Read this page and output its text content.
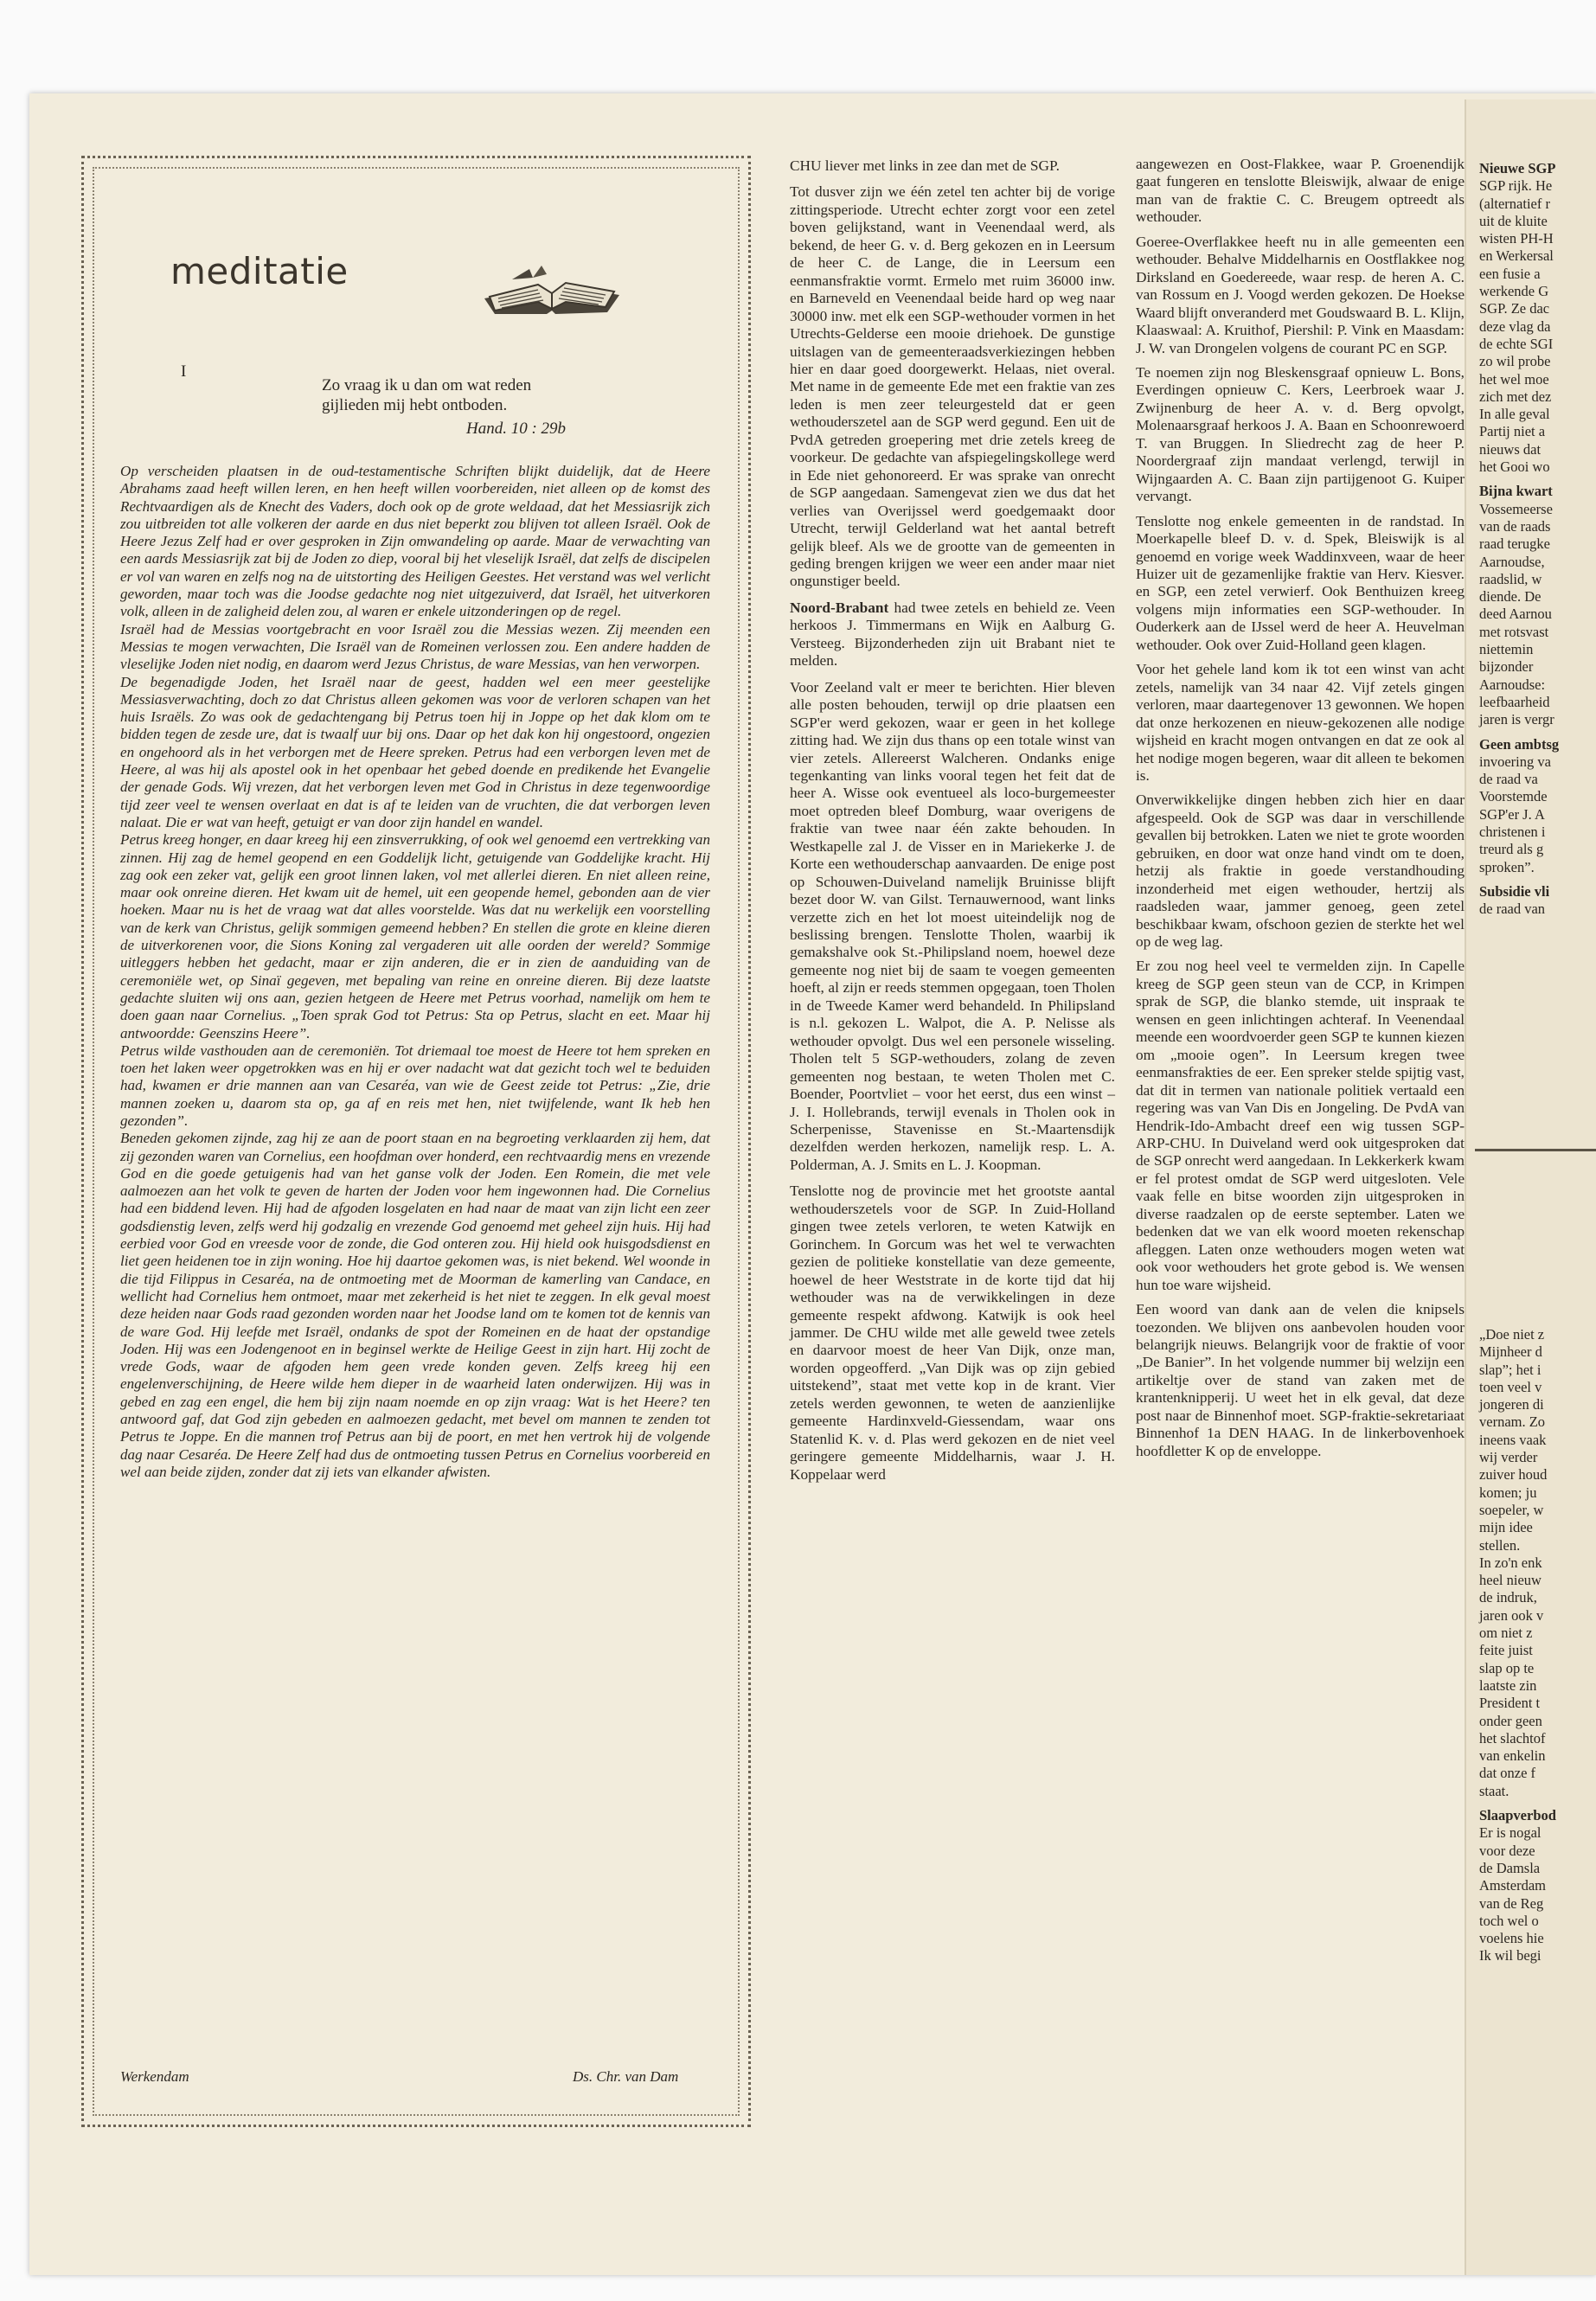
meditatie
I
Zo vraag ik u dan om wat reden gijlieden mij hebt ontboden.
Hand. 10 : 29b

Op verscheiden plaatsen in de oud-testamentische Schriften blijkt duidelijk, dat de Heere Abrahams zaad heeft willen leren, en hen heeft willen voorbereiden, niet alleen op de komst des Rechtvaardigen als de Knecht des Vaders, doch ook op de grote weldaad, dat het Messiasrijk zich zou uitbreiden tot alle volkeren der aarde en dus niet beperkt zou blijven tot alleen Israël. Ook de Heere Jezus Zelf had er over gesproken in Zijn omwandeling op aarde. Maar de verwachting van een aards Messiasrijk zat bij de Joden zo diep, vooral bij het vleselijk Israël, dat zelfs de discipelen er vol van waren en zelfs nog na de uitstorting des Heiligen Geestes. Het verstand was wel verlicht geworden, maar toch was die Joodse gedachte nog niet uitgezuiverd, dat Israël, het uitverkoren volk, alleen in de zaligheid delen zou, al waren er enkele uitzonderingen op de regel.

Israël had de Messias voortgebracht en voor Israël zou die Messias wezen. Zij meenden een Messias te mogen verwachten, Die Israël van de Romeinen verlossen zou. Een andere hadden de vleselijke Joden niet nodig, en daarom werd Jezus Christus, de ware Messias, van hen verworpen.

De begenadigde Joden, het Israël naar de geest, hadden wel een meer geestelijke Messiasverwachting, doch zo dat Christus alleen gekomen was voor de verloren schapen van het huis Israëls. Zo was ook de gedachtengang bij Petrus toen hij in Joppe op het dak klom om te bidden tegen de zesde ure, dat is twaalf uur bij ons. Daar op het dak kon hij ongestoord, ongezien en ongehoord als in het verborgen met de Heere spreken. Petrus had een verborgen leven met de Heere, al was hij als apostel ook in het openbaar het gebed doende en predikende het Evangelie der genade Gods. Wij vrezen, dat het verborgen leven met God in Christus in deze tegenwoordige tijd zeer veel te wensen overlaat en dat is af te leiden van de vruchten, die dat verborgen leven nalaat. Die er wat van heeft, getuigt er van door zijn handel en wandel.

Petrus kreeg honger, en daar kreeg hij een zinsverrukking, of ook wel genoemd een vertrekking van zinnen. Hij zag de hemel geopend en een Goddelijk licht, getuigende van Goddelijke kracht. Hij zag ook een zeker vat, gelijk een groot linnen laken, vol met allerlei dieren. En niet alleen reine, maar ook onreine dieren. Het kwam uit de hemel, uit een geopende hemel, gebonden aan de vier hoeken. Maar nu is het de vraag wat dat alles voorstelde. Was dat nu werkelijk een voorstelling van de kerk van Christus, gelijk sommigen gemeend hebben? En stellen die grote en kleine dieren de uitverkorenen voor, die Sions Koning zal vergaderen uit alle oorden der wereld? Sommige uitleggers hebben het gedacht, maar er zijn anderen, die er in zien de aanduiding van de ceremoniële wet, op Sinaï gegeven, met bepaling van reine en onreine dieren. Bij deze laatste gedachte sluiten wij ons aan, gezien hetgeen de Heere met Petrus voorhad, namelijk om hem te doen gaan naar Cornelius. „Toen sprak God tot Petrus: Sta op Petrus, slacht en eet. Maar hij antwoordde: Geenszins Heere”.

Petrus wilde vasthouden aan de ceremoniën. Tot driemaal toe moest de Heere tot hem spreken en toen het laken weer opgetrokken was en hij er over nadacht wat dat gezicht toch wel te beduiden had, kwamen er drie mannen aan van Cesaréa, van wie de Geest zeide tot Petrus: „Zie, drie mannen zoeken u, daarom sta op, ga af en reis met hen, niet twijfelende, want Ik heb hen gezonden”.

Beneden gekomen zijnde, zag hij ze aan de poort staan en na begroeting verklaarden zij hem, dat zij gezonden waren van Cornelius, een hoofdman over honderd, een rechtvaardig mens en vrezende God en die goede getuigenis had van het ganse volk der Joden. Een Romein, die met vele aalmoezen aan het volk te geven de harten der Joden voor hem ingewonnen had. Die Cornelius had een biddend leven. Hij had de afgoden losgelaten en had naar de maat van zijn licht een zeer godsdienstig leven, zelfs werd hij godzalig en vrezende God genoemd met geheel zijn huis. Hij had eerbied voor God en vreesde voor de zonde, die God onteren zou. Hij hield ook huisgodsdienst en liet geen heidenen toe in zijn woning. Hoe hij daartoe gekomen was, is niet bekend. Wel woonde in die tijd Filippus in Cesaréa, na de ontmoeting met de Moorman de kamerling van Candace, en wellicht had Cornelius hem ontmoet, maar met zekerheid is het niet te zeggen. In elk geval moest deze heiden naar Gods raad gezonden worden naar het Joodse land om te komen tot de kennis van de ware God. Hij leefde met Israël, ondanks de spot der Romeinen en de haat der opstandige Joden. Hij was een Jodengenoot en in beginsel werkte de Heilige Geest in zijn hart. Hij zocht de vrede Gods, waar de afgoden hem geen vrede konden geven. Zelfs kreeg hij een engelenverschijning, de Heere wilde hem dieper in de waarheid laten onderwijzen. Hij was in gebed en zag een engel, die hem bij zijn naam noemde en op zijn vraag: Wat is het Heere? ten antwoord gaf, dat God zijn gebeden en aalmoezen gedacht, met bevel om mannen te zenden tot Petrus te Joppe. En die mannen trof Petrus aan bij de poort, en met hen vertrok hij de volgende dag naar Cesaréa. De Heere Zelf had dus de ontmoeting tussen Petrus en Cornelius voorbereid en wel aan beide zijden, zonder dat zij iets van elkander afwisten.

Werkendam	Ds. Chr. van Dam

CHU liever met links in zee dan met de SGP.

Tot dusver zijn we één zetel ten achter bij de vorige zittingsperiode. Utrecht echter zorgt voor een zetel boven gelijkstand, want in Veenendaal werd, als bekend, de heer G. v. d. Berg gekozen en in Leersum de heer C. de Lange, die in Leersum een eenmansfraktie vormt. Ermelo met ruim 36000 inw. en Barneveld en Veenendaal beide hard op weg naar 30000 inw. met elk een SGP-wethouder vormen in het Utrechts-Gelderse een mooie driehoek. De gunstige uitslagen van de gemeenteraadsverkiezingen hebben hier en daar goed doorgewerkt. Helaas, niet overal. Met name in de gemeente Ede met een fraktie van zes leden is men zeer teleurgesteld dat er geen wethouderszetel aan de SGP werd gegund. Een uit de PvdA getreden groepering met drie zetels kreeg de voorkeur. De gedachte van afspiegelingskollege werd in Ede niet gehonoreerd. Er was sprake van onrecht de SGP aangedaan. Samengevat zien we dus dat het verlies van Overijssel werd goedgemaakt door Utrecht, terwijl Gelderland wat het aantal betreft gelijk bleef. Als we de grootte van de gemeenten in geding brengen krijgen we weer een ander maar niet ongunstiger beeld.

Noord-Brabant had twee zetels en behield ze. Veen herkoos J. Timmermans en Wijk en Aalburg G. Versteeg. Bijzonderheden zijn uit Brabant niet te melden.

Voor Zeeland valt er meer te berichten. Hier bleven alle posten behouden, terwijl op drie plaatsen een SGP'er werd gekozen, waar er geen in het kollege zitting had. We zijn dus thans op een totale winst van vier zetels. Allereerst Walcheren. Ondanks enige tegenkanting van links vooral tegen het feit dat de heer A. Wisse ook eventueel als loco-burgemeester moet optreden bleef Domburg, waar overigens de fraktie van twee naar één zakte behouden. In Westkapelle zal J. de Visser en in Mariekerke J. de Korte een wethouderschap aanvaarden. De enige post op Schouwen-Duiveland namelijk Bruinisse blijft bezet door W. van Gilst. Ternauwernood, want links verzette zich en het lot moest uiteindelijk nog de beslissing brengen. Tenslotte Tholen, waarbij ik gemakshalve ook St.-Philipsland noem, hoewel deze gemeente nog niet bij de saam te voegen gemeenten hoeft, al zijn er reeds stemmen opgegaan, toen Tholen in de Tweede Kamer werd behandeld. In Philipsland is n.l. gekozen L. Walpot, die A. P. Nelisse als wethouder opvolgt. Dus wel een personele wisseling. Tholen telt 5 SGP-wethouders, zolang de zeven gemeenten nog bestaan, te weten Tholen met C. Boender, Poortvliet – voor het eerst, dus een winst – J. I. Hollebrands, terwijl evenals in Tholen ook in Scherpenisse, Stavenisse en St.-Maartensdijk dezelfden werden herkozen, namelijk resp. L. A. Polderman, A. J. Smits en L. J. Koopman.

Tenslotte nog de provincie met het grootste aantal wethouderszetels voor de SGP. In Zuid-Holland gingen twee zetels verloren, te weten Katwijk en Gorinchem. In Gorcum was het wel te verwachten gezien de politieke konstellatie van deze gemeente, hoewel de heer Weststrate in de korte tijd dat hij wethouder was na de verwikkelingen in deze gemeente respekt afdwong. Katwijk is ook heel jammer. De CHU wilde met alle geweld twee zetels en daarvoor moest de heer Van Dijk, onze man, worden opgeofferd. „Van Dijk was op zijn gebied uitstekend”, staat met vette kop in de krant. Vier zetels werden gewonnen, te weten de aanzienlijke gemeente Hardinxveld-Giessendam, waar ons Statenlid K. v. d. Plas werd gekozen en de niet veel geringere gemeente Middelharnis, waar J. H. Koppelaar werd

aangewezen en Oost-Flakkee, waar P. Groenendijk gaat fungeren en tenslotte Bleiswijk, alwaar de enige man van de fraktie C. C. Breugem optreedt als wethouder.

Goeree-Overflakkee heeft nu in alle gemeenten een wethouder. Behalve Middelharnis en Oostflakkee nog Dirksland en Goedereede, waar resp. de heren A. C. van Rossum en J. Voogd werden gekozen. De Hoekse Waard blijft onveranderd met Goudswaard B. L. Klijn, Klaaswaal: A. Kruithof, Piershil: P. Vink en Maasdam: J. W. van Drongelen volgens de courant PC en SGP.

Te noemen zijn nog Bleskensgraaf opnieuw L. Bons, Everdingen opnieuw C. Kers, Leerbroek waar J. Zwijnenburg de heer A. v. d. Berg opvolgt, Molenaarsgraaf herkoos J. A. Baan en Schoonrewoerd T. van Bruggen. In Sliedrecht zag de heer P. Noordergraaf zijn mandaat verlengd, terwijl in Wijngaarden A. C. Baan zijn partijgenoot G. Kuiper vervangt.

Tenslotte nog enkele gemeenten in de randstad. In Moerkapelle bleef D. v. d. Spek, Bleiswijk is al genoemd en vorige week Waddinxveen, waar de heer Huizer uit de gezamenlijke fraktie van Herv. Kiesver. en SGP, een zetel verwierf. Ook Benthuizen kreeg volgens mijn informaties een SGP-wethouder. In Ouderkerk aan de IJssel werd de heer A. Heuvelman wethouder. Ook over Zuid-Holland geen klagen.

Voor het gehele land kom ik tot een winst van acht zetels, namelijk van 34 naar 42. Vijf zetels gingen verloren, maar daartegenover 13 gewonnen. We hopen dat onze herkozenen en nieuw-gekozenen alle nodige wijsheid en kracht mogen ontvangen en dat ze ook al het nodige mogen begeren, waar dit alleen te bekomen is.

Onverwikkelijke dingen hebben zich hier en daar afgespeeld. Ook de SGP was daar in verschillende gevallen bij betrokken. Laten we niet te grote woorden gebruiken, en door wat onze hand vindt om te doen, hetzij als fraktie in goede verstandhouding inzonderheid met eigen wethouder, hertzij als raadsleden waar, jammer genoeg, geen zetel beschikbaar kwam, ofschoon gezien de sterkte het wel op de weg lag.

Er zou nog heel veel te vermelden zijn. In Capelle kreeg de SGP geen steun van de CCP, in Krimpen sprak de SGP, die blanko stemde, uit inspraak te wensen en geen inlichtingen achteraf. In Veenendaal meende een woordvoerder geen SGP te kunnen kiezen om „mooie ogen”. In Leersum kregen twee eenmansfrakties de eer. Een spreker stelde spijtig vast, dat dit in termen van nationale politiek vertaald een regering was van Van Dis en Jongeling. De PvdA van Hendrik-Ido-Ambacht dreef een wig tussen SGP-ARP-CHU. In Duiveland werd ook uitgesproken dat de SGP onrecht werd aangedaan. In Lekkerkerk kwam er fel protest omdat de SGP werd uitgesloten. Vele vaak felle en bitse woorden zijn uitgesproken in diverse raadzalen op de eerste september. Laten we bedenken dat we van elk woord moeten rekenschap afleggen. Laten onze wethouders mogen weten wat ook voor wethouders het grote gebod is. We wensen hun toe ware wijsheid.

Een woord van dank aan de velen die knipsels toezonden. We blijven ons aanbevolen houden voor belangrijk nieuws. Belangrijk voor de fraktie of voor „De Banier”. In het volgende nummer bij welzijn een artikeltje over de stand van zaken met de krantenknipperij. U weet het in elk geval, dat deze post naar de Binnenhof moet. SGP-fraktie-sekretariaat Binnenhof 1a DEN HAAG. In de linkerbovenhoek hoofdletter K op de enveloppe.

Nieuwe SGP
SGP rijk. He
(alternatief r
uit de kluite
wisten PH-H
en Werkersal
een fusie a
werkende G
SGP. Ze dac
deze vlag da
de echte SGI
zo wil probe
het wel moe
zich met dez
In alle geval
Partij niet a
nieuws dat
het Gooi wo

Bijna kwart
Vossemeerse
van de raads
raad terugke
Aarnoudse,
raadslid, w
diende. De
deed Aarnou
met rotsvast
niettemin
bijzonder
Aarnoudse:
leefbaarheid
jaren is vergr

Geen ambtsg
invoering va
de raad va
Voorstemde
SGP'er J. A
christenen i
treurd als g
sproken”.

Subsidie vli
de raad van

„Doe niet z
Mijnheer d
slap”; het i
toen veel v
jongeren di
vernam. Zo
ineens vaak
wij verder
zuiver houd
komen; ju
soepeler, w
mijn idee
stellen.
In zo'n enk
heel nieuw
de indruk,
jaren ook v
om niet z
feite juist
slap op te
laatste zin
President t
onder geen
het slachtof
van enkelin
dat onze f
staat.

Slaapverbod
Er is nogal
voor deze
de Damsla
Amsterdam
van de Reg
toch wel o
voelens hie
Ik wil begi
